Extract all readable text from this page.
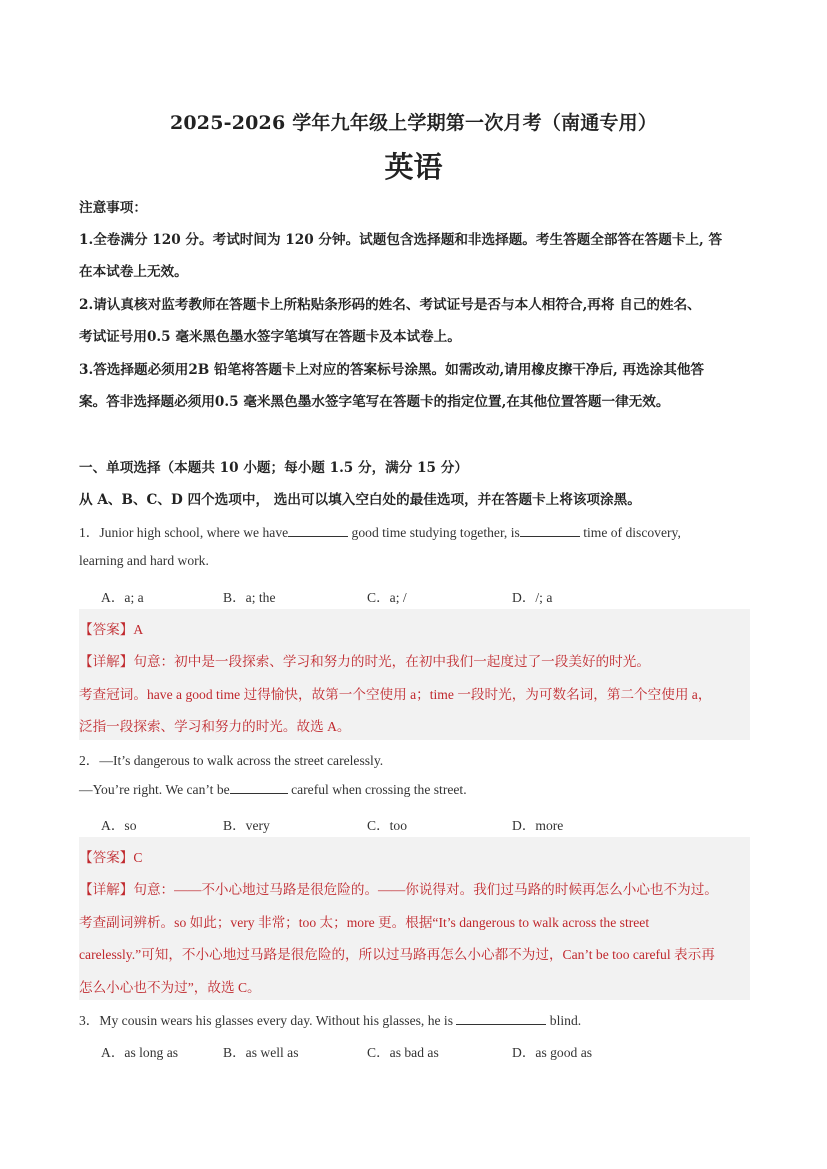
2025-2026 学年九年级上学期第一次月考（南通专用）
英语
注意事项：
1.全卷满分 120 分。考试时间为 120 分钟。试题包含选择题和非选择题。考生答题全部答在答题卡上, 答
在本试卷上无效。
2.请认真核对监考教师在答题卡上所粘贴条形码的姓名、考试证号是否与本人相符合,再将 自己的姓名、
考试证号用0.5 毫米黑色墨水签字笔填写在答题卡及本试卷上。
3.答选择题必须用2B 铅笔将答题卡上对应的答案标号涂黑。如需改动,请用橡皮擦干净后, 再选涂其他答
案。答非选择题必须用0.5 毫米黑色墨水签字笔写在答题卡的指定位置,在其他位置答题一律无效。
一、单项选择（本题共 10 小题；每小题 1.5 分，满分 15 分）
从 A、B、C、D 四个选项中， 选出可以填入空白处的最佳选项，并在答题卡上将该项涂黑。
1．Junior high school, where we have	good time studying together, is	time of discovery,
learning and hard work.
A．a; a	B．a; the	C．a; /	D．/; a
【答案】A
【详解】句意：初中是一段探索、学习和努力的时光，在初中我们一起度过了一段美好的时光。
考查冠词。have a good time 过得愉快，故第一个空使用 a；time 一段时光，为可数名词，第二个空使用 a，
泛指一段探索、学习和努力的时光。故选 A。
2．—It’s dangerous to walk across the street carelessly.
—You’re right. We can’t be	careful when crossing the street.
A．so	B．very	C．too	D．more
【答案】C
【详解】句意：——不小心地过马路是很危险的。——你说得对。我们过马路的时候再怎么小心也不为过。
考查副词辨析。so 如此；very 非常；too 太；more 更。根据“It’s dangerous to walk across the street
carelessly.”可知，不小心地过马路是很危险的，所以过马路再怎么小心都不为过，Can’t be too careful 表示再
怎么小心也不为过”，故选 C。
3．My cousin wears his glasses every day. Without his glasses, he is	blind.
A．as long as	B．as well as	C．as bad as	D．as good as
